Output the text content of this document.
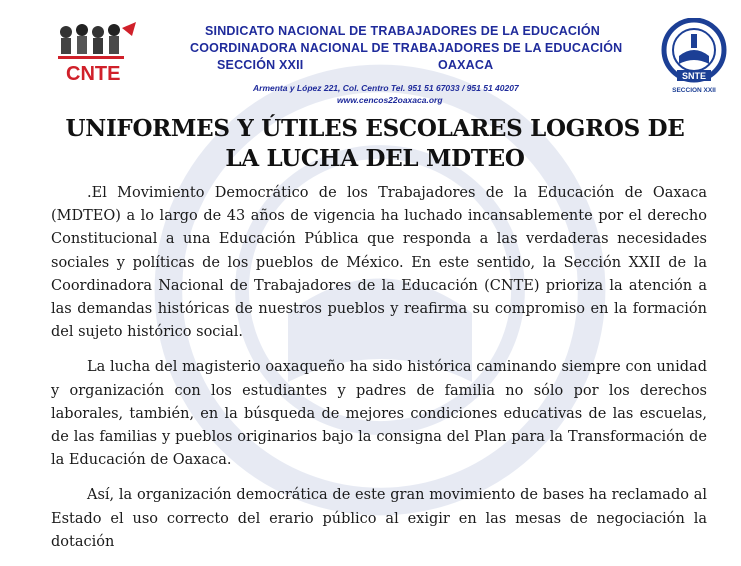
CNTE
SINDICATO NACIONAL DE TRABAJADORES DE LA EDUCACIÓN
COORDINADORA NACIONAL DE TRABAJADORES DE LA EDUCACIÓN
SECCIÓN XXII	OAXACA
Armenta y López 221, Col. Centro Tel. 951 51 67033 / 951 51 40207
www.cencos22oaxaca.org
SNTE
SECCION XXII
UNIFORMES Y ÚTILES ESCOLARES LOGROS DE LA LUCHA DEL MDTEO

.El Movimiento Democrático de los Trabajadores de la Educación de Oaxaca (MDTEO) a lo largo de 43 años de vigencia ha luchado incansablemente por el derecho Constitucional a una Educación Pública que responda a las verdaderas necesidades sociales y políticas de los pueblos de México. En este sentido, la Sección XXII de la Coordinadora Nacional de Trabajadores de la Educación (CNTE) prioriza la atención a las demandas históricas de nuestros pueblos y reafirma su compromiso en la formación del sujeto histórico social.

La lucha del magisterio oaxaqueño ha sido histórica caminando siempre con unidad y organización con los estudiantes y padres de familia no sólo por los derechos laborales, también, en la búsqueda de mejores condiciones educativas de las escuelas, de las familias y pueblos originarios bajo la consigna del Plan para la Transformación de la Educación de Oaxaca.

Así, la organización democrática de este gran movimiento de bases ha reclamado al Estado el uso correcto del erario público al exigir en las mesas de negociación la dotación
